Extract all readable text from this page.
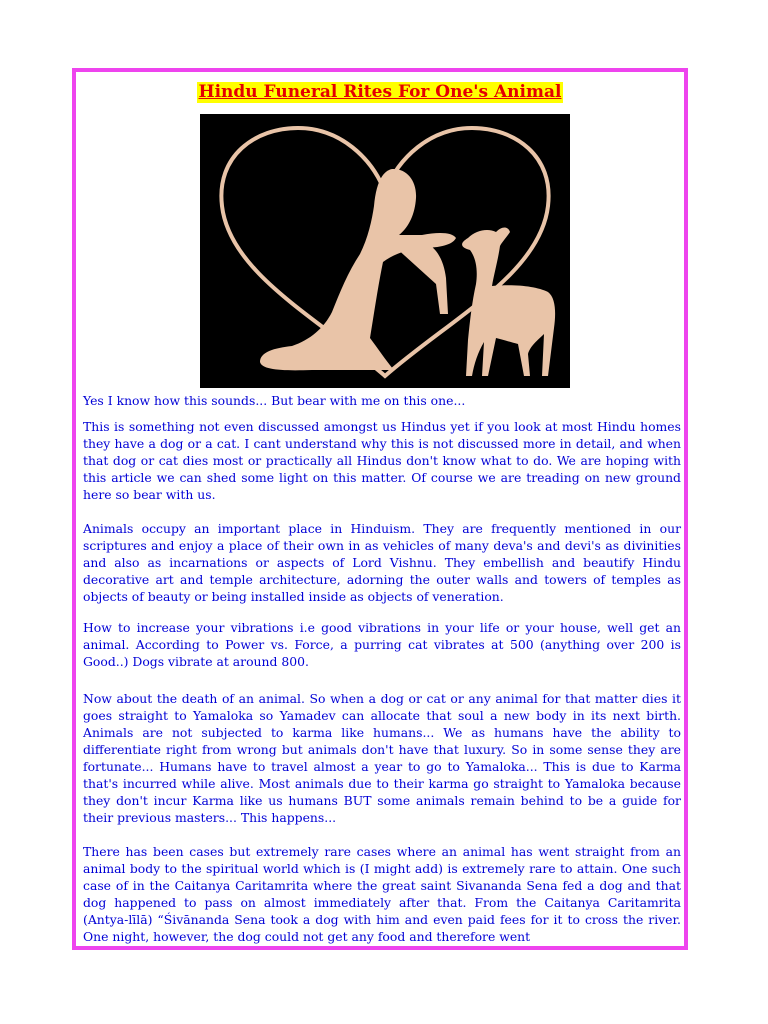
Hindu Funeral Rites For One's Animal

Yes I know how this sounds... But bear with me on this one...

This is something not even discussed amongst us Hindus yet if you look at most Hindu homes they have a dog or a cat. I cant understand why this is not discussed more in detail, and when that dog or cat dies most or practically all Hindus don't know what to do. We are hoping with this article we can shed some light on this matter. Of course we are treading on new ground here so bear with us.

Animals occupy an important place in Hinduism. They are frequently mentioned in our scriptures and enjoy a place of their own in as vehicles of many deva's and devi's as divinities and also as incarnations or aspects of Lord Vishnu. They embellish and beautify Hindu decorative art and temple architecture, adorning the outer walls and towers of temples as objects of beauty or being installed inside as objects of veneration.

How to increase your vibrations i.e good vibrations in your life or your house, well get an animal. According to Power vs. Force, a purring cat vibrates at 500 (anything over 200 is Good..) Dogs vibrate at around 800.

Now about the death of an animal. So when a dog or cat or any animal for that matter dies it goes straight to Yamaloka so Yamadev can allocate that soul a new body in its next birth. Animals are not subjected to karma like humans... We as humans have the ability to differentiate right from wrong but animals don't have that luxury. So in some sense they are fortunate... Humans have to travel almost a year to go to Yamaloka... This is due to Karma that's incurred while alive. Most animals due to their karma go straight to Yamaloka because they don't incur Karma like us humans BUT some animals remain behind to be a guide for their previous masters... This happens...

There has been cases but extremely rare cases where an animal has went straight from an animal body to the spiritual world which is (I might add) is extremely rare to attain. One such case of in the Caitanya Caritamrita where the great saint Sivananda Sena fed a dog and that dog happened to pass on almost immediately after that. From the Caitanya Caritamrita (Antya-līlā) “Śivānanda Sena took a dog with him and even paid fees for it to cross the river. One night, however, the dog could not get any food and therefore went
